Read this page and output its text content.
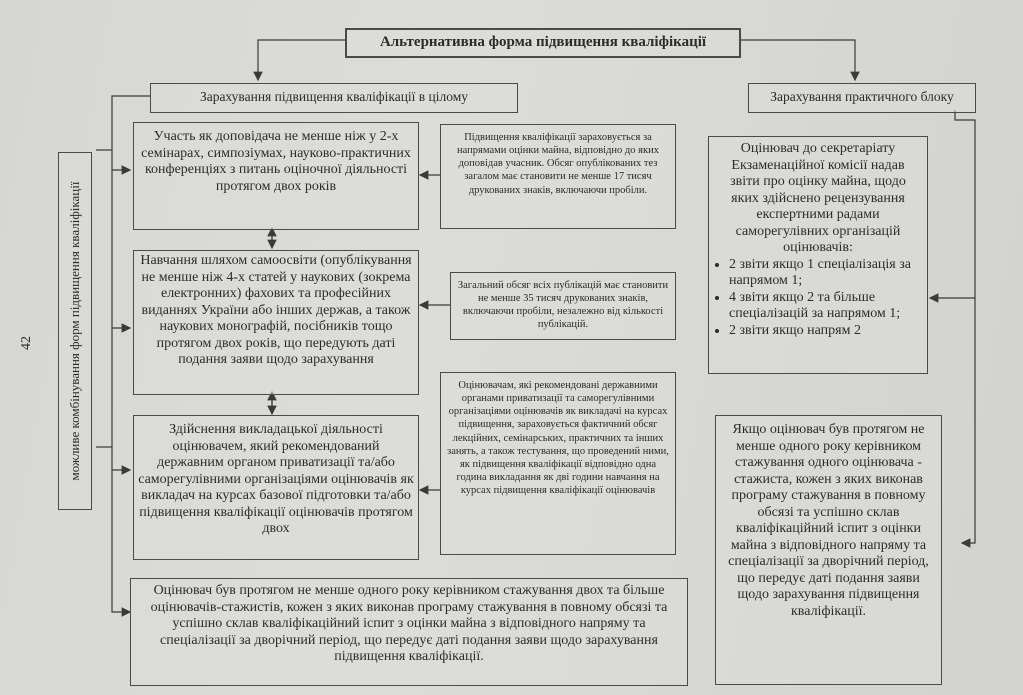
Альтернативна форма підвищення кваліфікації
Зарахування підвищення кваліфікації в цілому	Зарахування практичного блоку
можливе комбінування форм підвищення кваліфікації
42
Участь як доповідача не менше ніж у 2-х семінарах, симпозіумах, науково-практичних конференціях з питань оціночної діяльності протягом двох років
Навчання шляхом самоосвіти (опублікування не менше ніж 4-х статей у наукових (зокрема електронних) фахових та професійних виданнях України або інших держав, а також наукових монографій, посібників тощо протягом двох років, що передують даті подання заяви щодо зарахування
Здійснення викладацької діяльності оцінювачем, який рекомендований державним органом приватизації та/або саморегулівними організаціями оцінювачів як викладач на курсах базової підготовки та/або підвищення кваліфікації оцінювачів протягом двох
Оцінювач був протягом не менше одного року керівником стажування двох та більше оцінювачів-стажистів, кожен з яких виконав програму стажування в повному обсязі та успішно склав кваліфікаційний іспит з оцінки майна з відповідного напряму та спеціалізації за дворічний період, що передує даті подання заяви щодо зарахування підвищення кваліфікації.
Підвищення кваліфікації зараховується за напрямами оцінки майна, відповідно до яких доповідав учасник. Обсяг опублікованих тез загалом має становити не менше 17 тисяч друкованих знаків, включаючи пробіли.
Загальний обсяг всіх публікацій має становити не менше 35 тисяч друкованих знаків, включаючи пробіли, незалежно від кількості публікацій.
Оцінювачам, які рекомендовані державними органами приватизації та саморегулівними організаціями оцінювачів як викладачі на курсах підвищення, зараховується фактичний обсяг лекційних, семінарських, практичних та інших занять, а також тестування, що проведений ними, як підвищення кваліфікації відповідно одна година викладання як дві години навчання на курсах підвищення кваліфікації оцінювачів
Оцінювач до секретаріату Екзаменаційної комісії надав звіти про оцінку майна, щодо яких здійснено рецензування експертними радами саморегулівних організацій оцінювачів:
• 2 звіти якщо 1 спеціалізація за напрямом 1;
• 4 звіти якщо 2 та більше спеціалізацій за напрямом 1;
• 2 звіти якщо напрям 2
Якщо оцінювач був протягом не менше одного року керівником стажування одного оцінювача - стажиста, кожен з яких виконав програму стажування в повному обсязі та успішно склав кваліфікаційний іспит з оцінки майна з відповідного напряму та спеціалізації за дворічний період, що передує даті подання заяви щодо зарахування підвищення кваліфікації.
